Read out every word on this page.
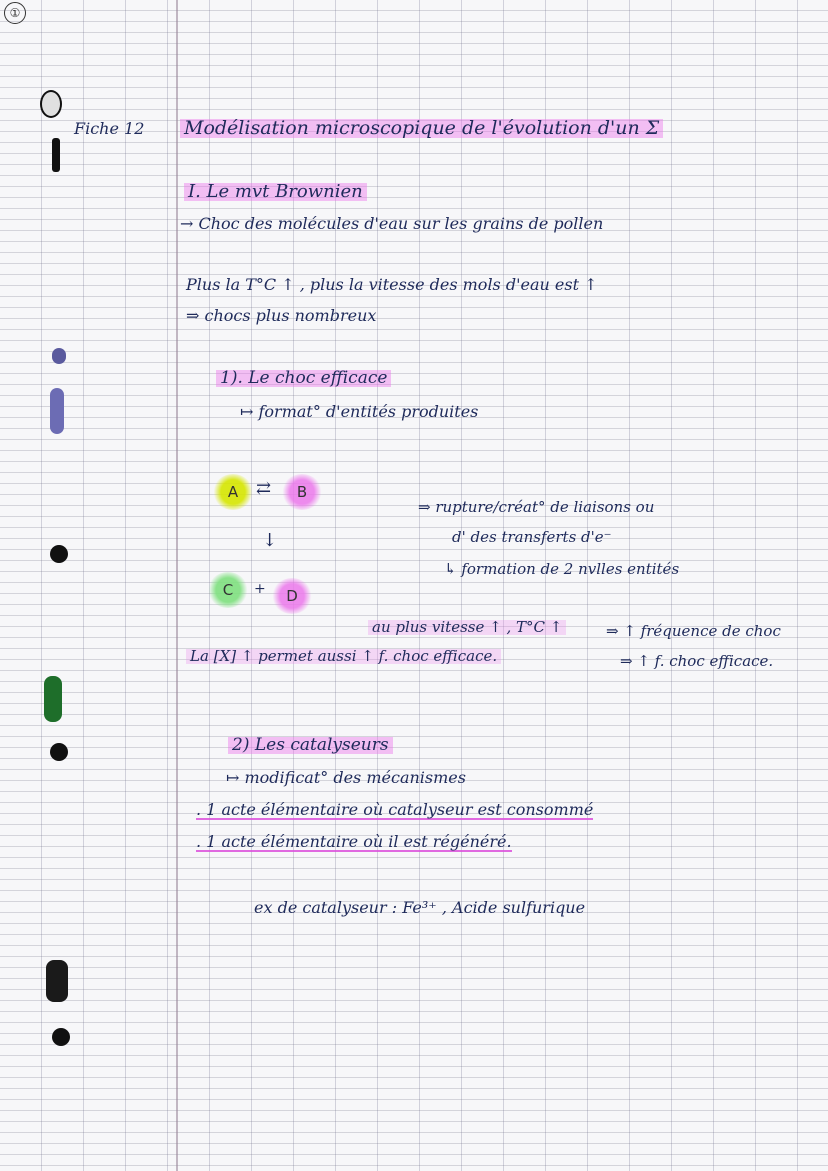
①
Fiche 12 Modélisation microscopique de l'évolution d'un Σ
I. Le mvt Brownien
→ Choc des molécules d'eau sur les grains de pollen
Plus la T°C ↑ , plus la vitesse des mols d'eau est ↑
⇒ chocs plus nombreux
1). Le choc efficace
↦ format° d'entités produites
A ⇄	B
↓
C	+	D
⇒ rupture/créat° de liaisons ou
d' des transferts d'e⁻
↳ formation de 2 nvlles entités
au plus vitesse ↑ , T°C ↑	⇒ ↑ fréquence de choc
La [X] ↑ permet aussi ↑ f. choc efficace.	⇒ ↑ f. choc efficace.
2) Les catalyseurs
↦ modificat° des mécanismes
. 1 acte élémentaire où catalyseur est consommé
. 1 acte élémentaire où il est régénéré.
ex de catalyseur : Fe³⁺ , Acide sulfurique
